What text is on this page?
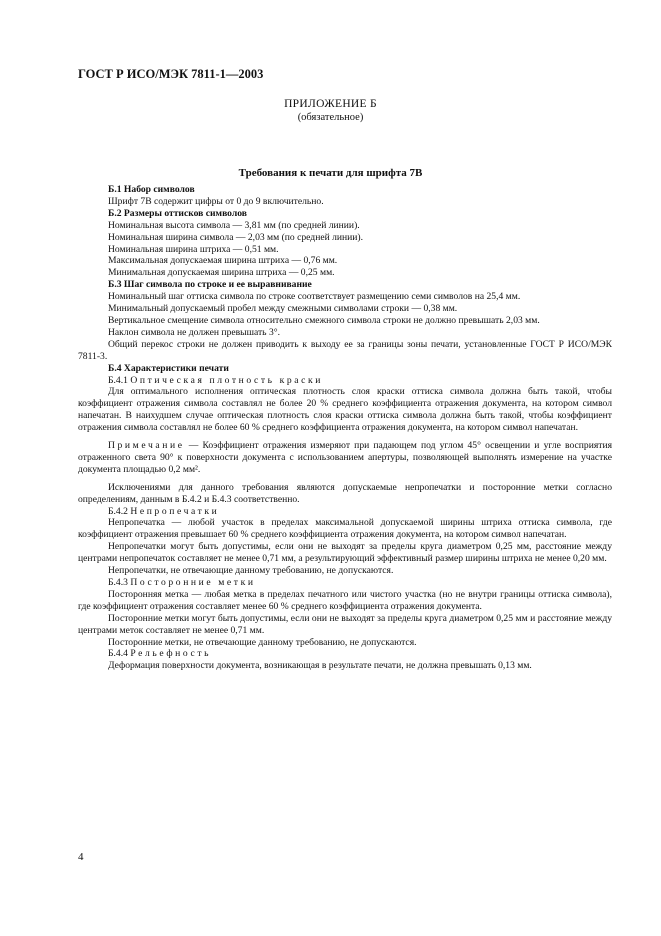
ГОСТ Р ИСО/МЭК 7811-1—2003
ПРИЛОЖЕНИЕ Б
(обязательное)
Требования к печати для шрифта 7В

Б.1 Набор символов

Шрифт 7В содержит цифры от 0 до 9 включительно.

Б.2 Размеры оттисков символов

Номинальная высота символа — 3,81 мм (по средней линии).

Номинальная ширина символа — 2,03 мм (по средней линии).

Номинальная ширина штриха — 0,51 мм.

Максимальная допускаемая ширина штриха — 0,76 мм.

Минимальная допускаемая ширина штриха — 0,25 мм.

Б.3 Шаг символа по строке и ее выравнивание

Номинальный шаг оттиска символа по строке соответствует размещению семи символов на 25,4 мм.

Минимальный допускаемый пробел между смежными символами строки — 0,38 мм.

Вертикальное смещение символа относительно смежного символа строки не должно превышать 2,03 мм.

Наклон символа не должен превышать 3°.

Общий перекос строки не должен приводить к выходу ее за границы зоны печати, установленные ГОСТ Р ИСО/МЭК 7811-3.

Б.4 Характеристики печати

Б.4.1 Оптическая плотность краски

Для оптимального исполнения оптическая плотность слоя краски оттиска символа должна быть такой, чтобы коэффициент отражения символа составлял не более 20 % среднего коэффициента отражения документа, на котором символ напечатан. В наихудшем случае оптическая плотность слоя краски оттиска символа должна быть такой, чтобы коэффициент отражения символа составлял не более 60 % среднего коэффициента отражения документа, на котором символ напечатан.

Примечание — Коэффициент отражения измеряют при падающем под углом 45° освещении и угле восприятия отраженного света 90° к поверхности документа с использованием апертуры, позволяющей выполнять измерение на участке документа площадью 0,2 мм².

Исключениями для данного требования являются допускаемые непропечатки и посторонние метки согласно определениям, данным в Б.4.2 и Б.4.3 соответственно.

Б.4.2 Непропечатки

Непропечатка — любой участок в пределах максимальной допускаемой ширины штриха оттиска символа, где коэффициент отражения превышает 60 % среднего коэффициента отражения документа, на котором символ напечатан.

Непропечатки могут быть допустимы, если они не выходят за пределы круга диаметром 0,25 мм, расстояние между центрами непропечаток составляет не менее 0,71 мм, а результирующий эффективный размер ширины штриха не менее 0,20 мм.

Непропечатки, не отвечающие данному требованию, не допускаются.

Б.4.3 Посторонние метки

Посторонняя метка — любая метка в пределах печатного или чистого участка (но не внутри границы оттиска символа), где коэффициент отражения составляет менее 60 % среднего коэффициента отражения документа.

Посторонние метки могут быть допустимы, если они не выходят за пределы круга диаметром 0,25 мм и расстояние между центрами меток составляет не менее 0,71 мм.

Посторонние метки, не отвечающие данному требованию, не допускаются.

Б.4.4 Рельефность

Деформация поверхности документа, возникающая в результате печати, не должна превышать 0,13 мм.

4
